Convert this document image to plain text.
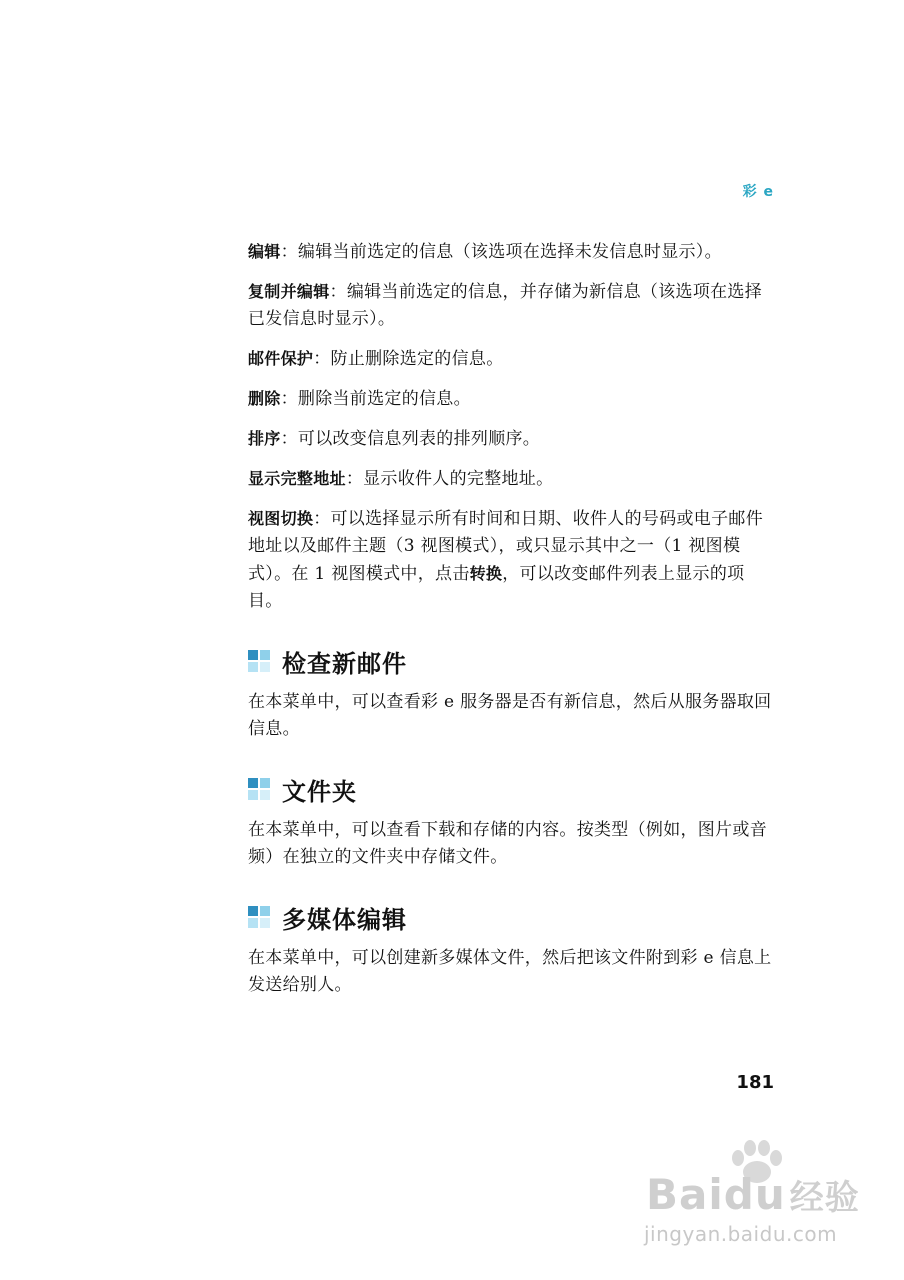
彩 e

编辑：编辑当前选定的信息（该选项在选择未发信息时显示）。

复制并编辑：编辑当前选定的信息，并存储为新信息（该选项在选择已发信息时显示）。

邮件保护：防止删除选定的信息。

删除：删除当前选定的信息。

排序：可以改变信息列表的排列顺序。

显示完整地址：显示收件人的完整地址。

视图切换：可以选择显示所有时间和日期、收件人的号码或电子邮件地址以及邮件主题（3 视图模式），或只显示其中之一（1 视图模式）。在 1 视图模式中，点击转换，可以改变邮件列表上显示的项目。

检查新邮件

在本菜单中，可以查看彩 e 服务器是否有新信息，然后从服务器取回信息。

文件夹

在本菜单中，可以查看下载和存储的内容。按类型（例如，图片或音频）在独立的文件夹中存储文件。

多媒体编辑

在本菜单中，可以创建新多媒体文件，然后把该文件附到彩 e 信息上发送给别人。

181
Baidu 经验
jingyan.baidu.com
